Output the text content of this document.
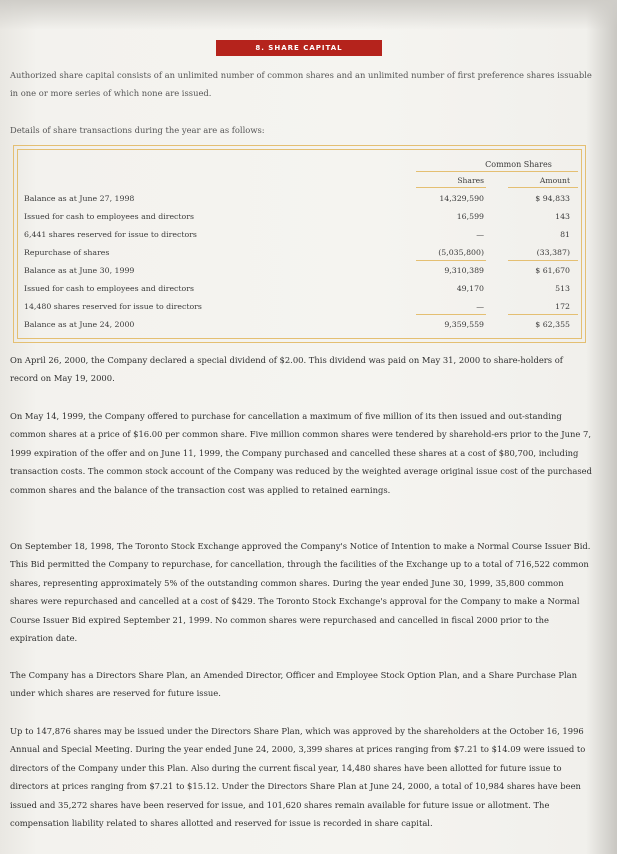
8. SHARE CAPITAL

Authorized share capital consists of an unlimited number of common shares and an unlimited number of first preference shares issuable in one or more series of which none are issued.

Details of share transactions during the year are as follows:

Common Shares
Shares	Amount
Balance as at June 27, 1998	14,329,590	$ 94,833
Issued for cash to employees and directors	16,599	143
6,441 shares reserved for issue to directors	—	81
Repurchase of shares	(5,035,800)	(33,387)
Balance as at June 30, 1999	9,310,389	$ 61,670
Issued for cash to employees and directors	49,170	513
14,480 shares reserved for issue to directors	—	172
Balance as at June 24, 2000	9,359,559	$ 62,355

On April 26, 2000, the Company declared a special dividend of $2.00. This dividend was paid on May 31, 2000 to share-holders of record on May 19, 2000.

On May 14, 1999, the Company offered to purchase for cancellation a maximum of five million of its then issued and out-standing common shares at a price of $16.00 per common share. Five million common shares were tendered by sharehold-ers prior to the June 7, 1999 expiration of the offer and on June 11, 1999, the Company purchased and cancelled these shares at a cost of $80,700, including transaction costs. The common stock account of the Company was reduced by the weighted average original issue cost of the purchased common shares and the balance of the transaction cost was applied to retained earnings.

On September 18, 1998, The Toronto Stock Exchange approved the Company's Notice of Intention to make a Normal Course Issuer Bid. This Bid permitted the Company to repurchase, for cancellation, through the facilities of the Exchange up to a total of 716,522 common shares, representing approximately 5% of the outstanding common shares. During the year ended June 30, 1999, 35,800 common shares were repurchased and cancelled at a cost of $429. The Toronto Stock Exchange's approval for the Company to make a Normal Course Issuer Bid expired September 21, 1999. No common shares were repurchased and cancelled in fiscal 2000 prior to the expiration date.

The Company has a Directors Share Plan, an Amended Director, Officer and Employee Stock Option Plan, and a Share Purchase Plan under which shares are reserved for future issue.

Up to 147,876 shares may be issued under the Directors Share Plan, which was approved by the shareholders at the October 16, 1996 Annual and Special Meeting. During the year ended June 24, 2000, 3,399 shares at prices ranging from $7.21 to $14.09 were issued to directors of the Company under this Plan. Also during the current fiscal year, 14,480 shares have been allotted for future issue to directors at prices ranging from $7.21 to $15.12. Under the Directors Share Plan at June 24, 2000, a total of 10,984 shares have been issued and 35,272 shares have been reserved for issue, and 101,620 shares remain available for future issue or allotment. The compensation liability related to shares allotted and reserved for issue is recorded in share capital.
